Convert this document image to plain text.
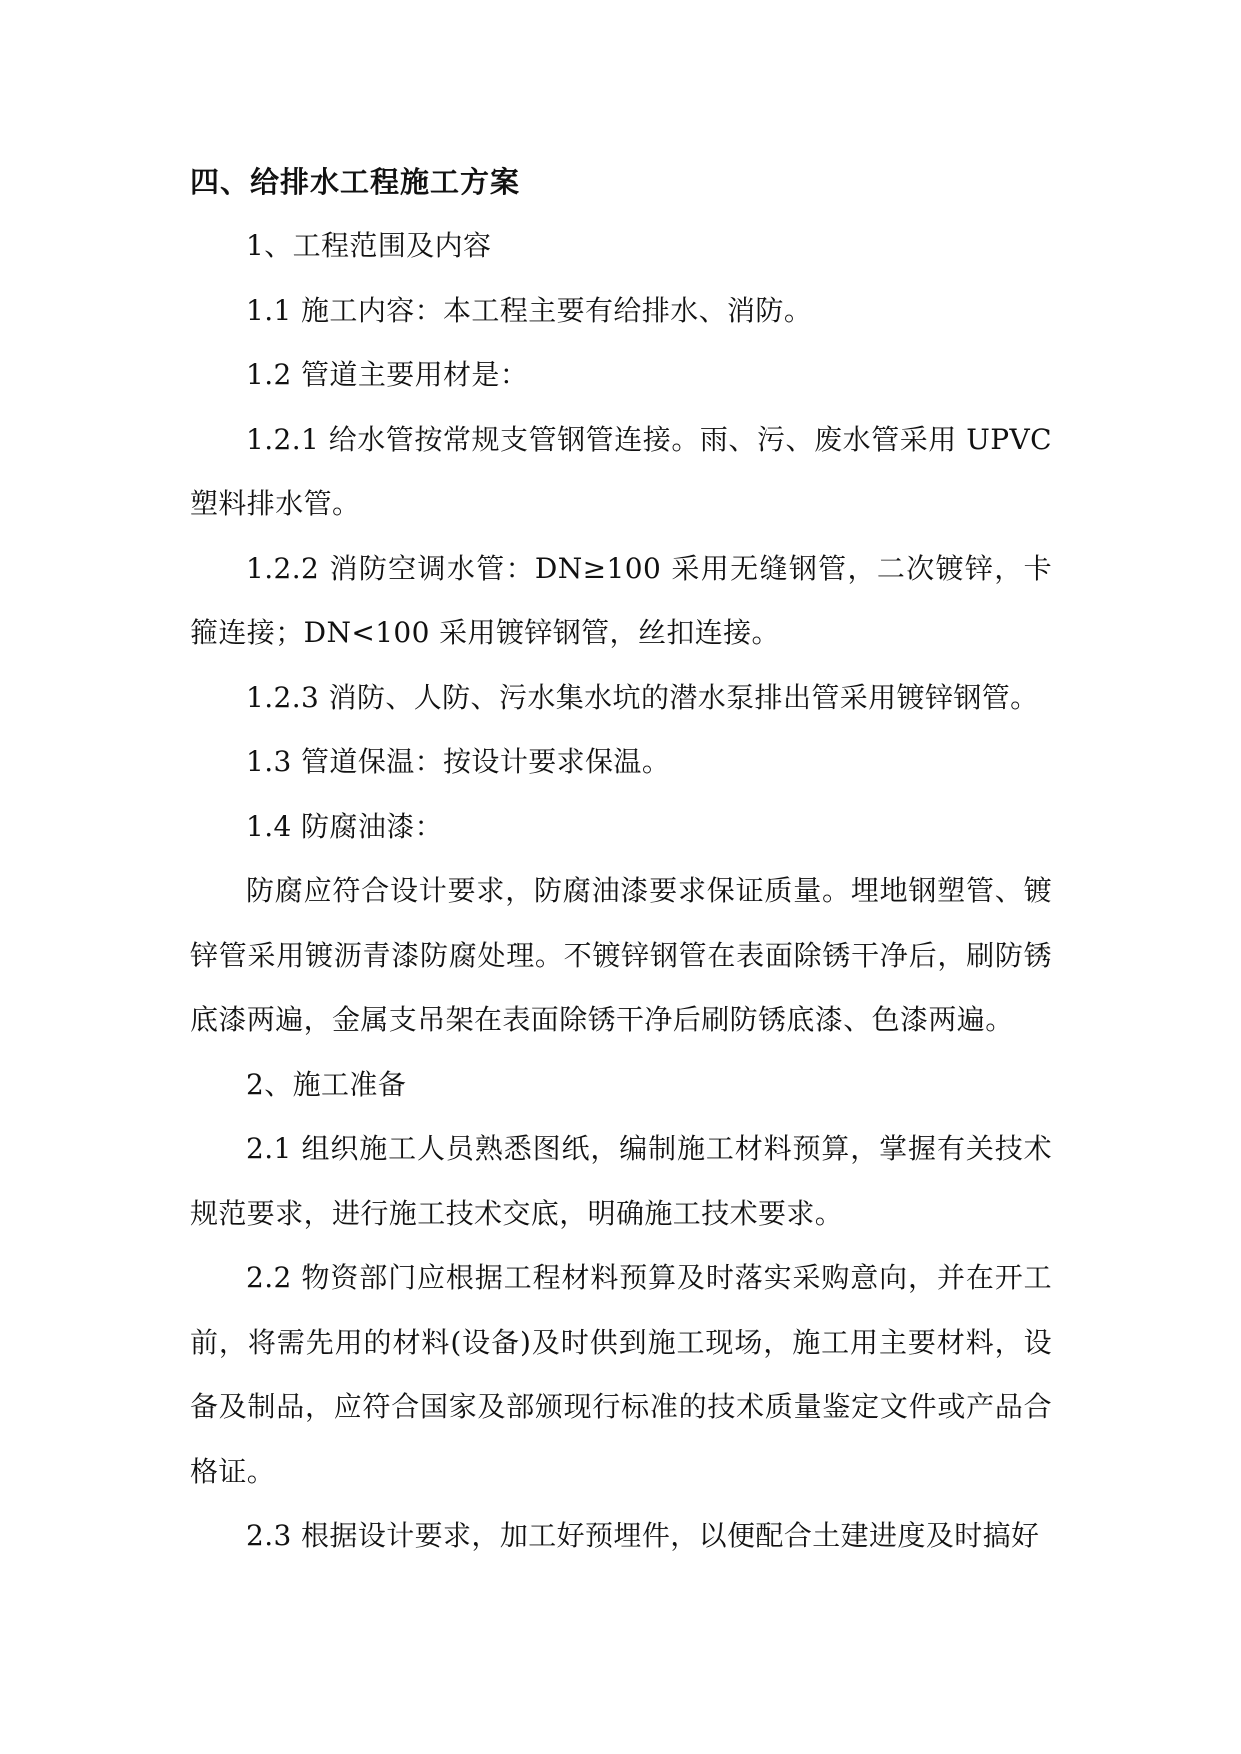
四、给排水工程施工方案

1、工程范围及内容

1.1 施工内容：本工程主要有给排水、消防。

1.2 管道主要用材是：

1.2.1 给水管按常规支管钢管连接。雨、污、废水管采用 UPVC 塑料排水管。

1.2.2 消防空调水管：DN≥100 采用无缝钢管，二次镀锌，卡箍连接；DN<100 采用镀锌钢管，丝扣连接。

1.2.3 消防、人防、污水集水坑的潜水泵排出管采用镀锌钢管。

1.3 管道保温：按设计要求保温。

1.4 防腐油漆：

防腐应符合设计要求，防腐油漆要求保证质量。埋地钢塑管、镀锌管采用镀沥青漆防腐处理。不镀锌钢管在表面除锈干净后，刷防锈底漆两遍，金属支吊架在表面除锈干净后刷防锈底漆、色漆两遍。

2、施工准备

2.1 组织施工人员熟悉图纸，编制施工材料预算，掌握有关技术规范要求，进行施工技术交底，明确施工技术要求。

2.2 物资部门应根据工程材料预算及时落实采购意向，并在开工前，将需先用的材料(设备)及时供到施工现场，施工用主要材料，设备及制品，应符合国家及部颁现行标准的技术质量鉴定文件或产品合格证。

2.3 根据设计要求，加工好预埋件，以便配合土建进度及时搞好
